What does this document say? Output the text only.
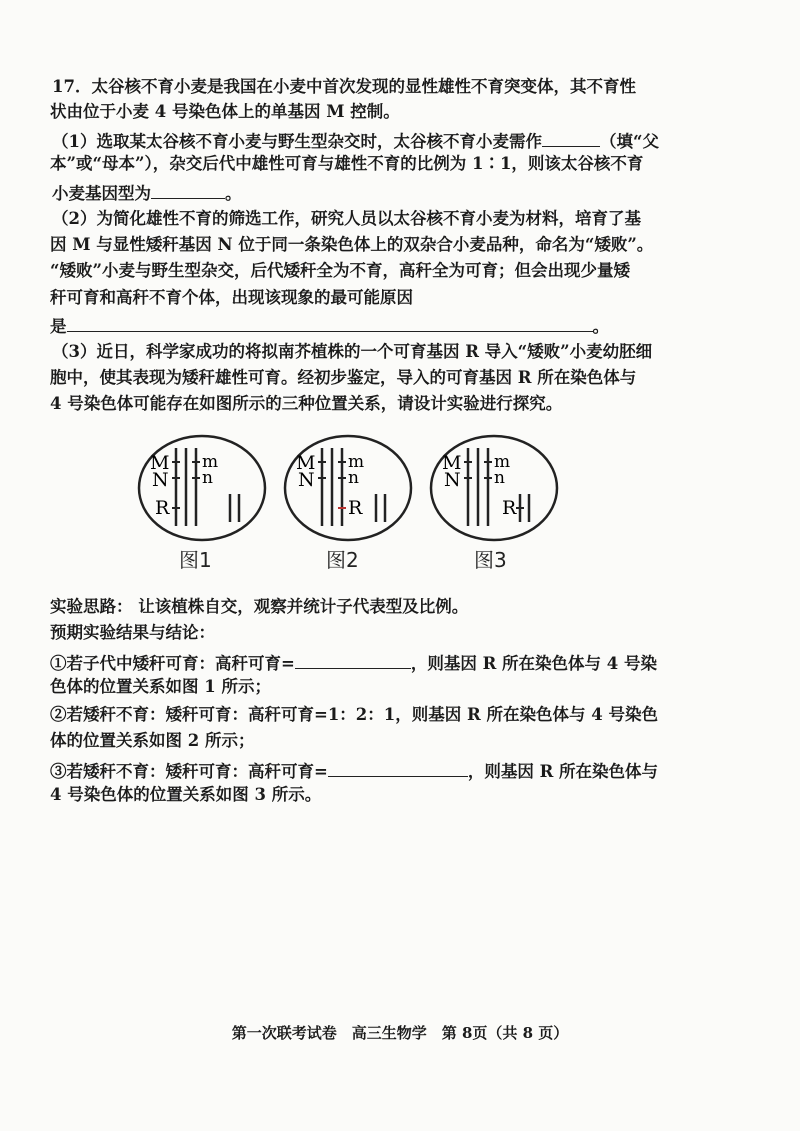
17．太谷核不育小麦是我国在小麦中首次发现的显性雄性不育突变体，其不育性
状由位于小麦 4 号染色体上的单基因 M 控制。
（1）选取某太谷核不育小麦与野生型杂交时，太谷核不育小麦需作	（填“父
本”或“母本”），杂交后代中雄性可育与雄性不育的比例为 1∶1，则该太谷核不育
小麦基因型为	。
（2）为简化雄性不育的筛选工作，研究人员以太谷核不育小麦为材料，培育了基
因 M 与显性矮秆基因 N 位于同一条染色体上的双杂合小麦品种，命名为“矮败”。
“矮败”小麦与野生型杂交，后代矮秆全为不育，高秆全为可育；但会出现少量矮
秆可育和高秆不育个体，出现该现象的最可能原因
是	。
（3）近日，科学家成功的将拟南芥植株的一个可育基因 R 导入“矮败”小麦幼胚细
胞中，使其表现为矮秆雄性可育。经初步鉴定，导入的可育基因 R 所在染色体与
4 号染色体可能存在如图所示的三种位置关系，请设计实验进行探究。
M
N
R
m
n
M
N
m
n
R
M
N
m
n
R
图1	图2	图3
实验思路： 让该植株自交，观察并统计子代表型及比例。
预期实验结果与结论：
①若子代中矮秆可育：高秆可育=	，则基因 R 所在染色体与 4 号染
色体的位置关系如图 1 所示；
②若矮秆不育：矮秆可育：高秆可育=1：2：1，则基因 R 所在染色体与 4 号染色
体的位置关系如图 2 所示；
③若矮秆不育：矮秆可育：高秆可育=	，则基因 R 所在染色体与
4 号染色体的位置关系如图 3 所示。
第一次联考试卷　高三生物学　第 8页（共 8 页）
